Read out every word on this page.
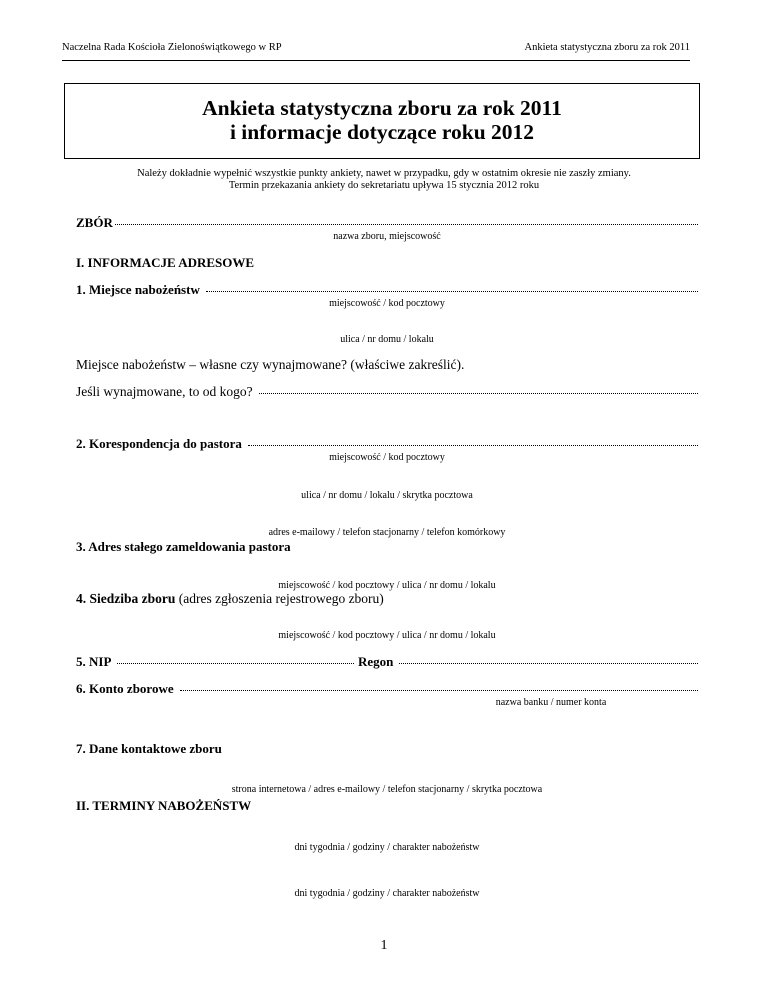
Naczelna Rada Kościoła Zielonoświątkowego w RP	Ankieta statystyczna zboru za rok 2011
Ankieta statystyczna zboru za rok 2011
i informacje dotyczące roku 2012
Należy dokładnie wypełnić wszystkie punkty ankiety, nawet w przypadku, gdy w ostatnim okresie nie zaszły zmiany.
Termin przekazania ankiety do sekretariatu upływa 15 stycznia 2012 roku
ZBÓR
nazwa zboru, miejscowość
I. INFORMACJE ADRESOWE
1. Miejsce nabożeństw
miejscowość / kod pocztowy
ulica / nr domu / lokalu
Miejsce nabożeństw – własne czy wynajmowane? (właściwe zakreślić).
Jeśli wynajmowane, to od kogo?
2. Korespondencja do pastora
miejscowość / kod pocztowy
ulica / nr domu / lokalu / skrytka pocztowa
adres e-mailowy / telefon stacjonarny / telefon komórkowy
3. Adres stałego zameldowania pastora
miejscowość / kod pocztowy / ulica / nr domu / lokalu
4. Siedziba zboru (adres zgłoszenia rejestrowego zboru)
miejscowość / kod pocztowy / ulica / nr domu / lokalu
5. NIP	Regon
6. Konto zborowe
nazwa banku / numer konta
7. Dane kontaktowe zboru
strona internetowa / adres e-mailowy / telefon stacjonarny / skrytka pocztowa
II. TERMINY NABOŻEŃSTW
dni tygodnia / godziny / charakter nabożeństw
dni tygodnia / godziny / charakter nabożeństw
1
